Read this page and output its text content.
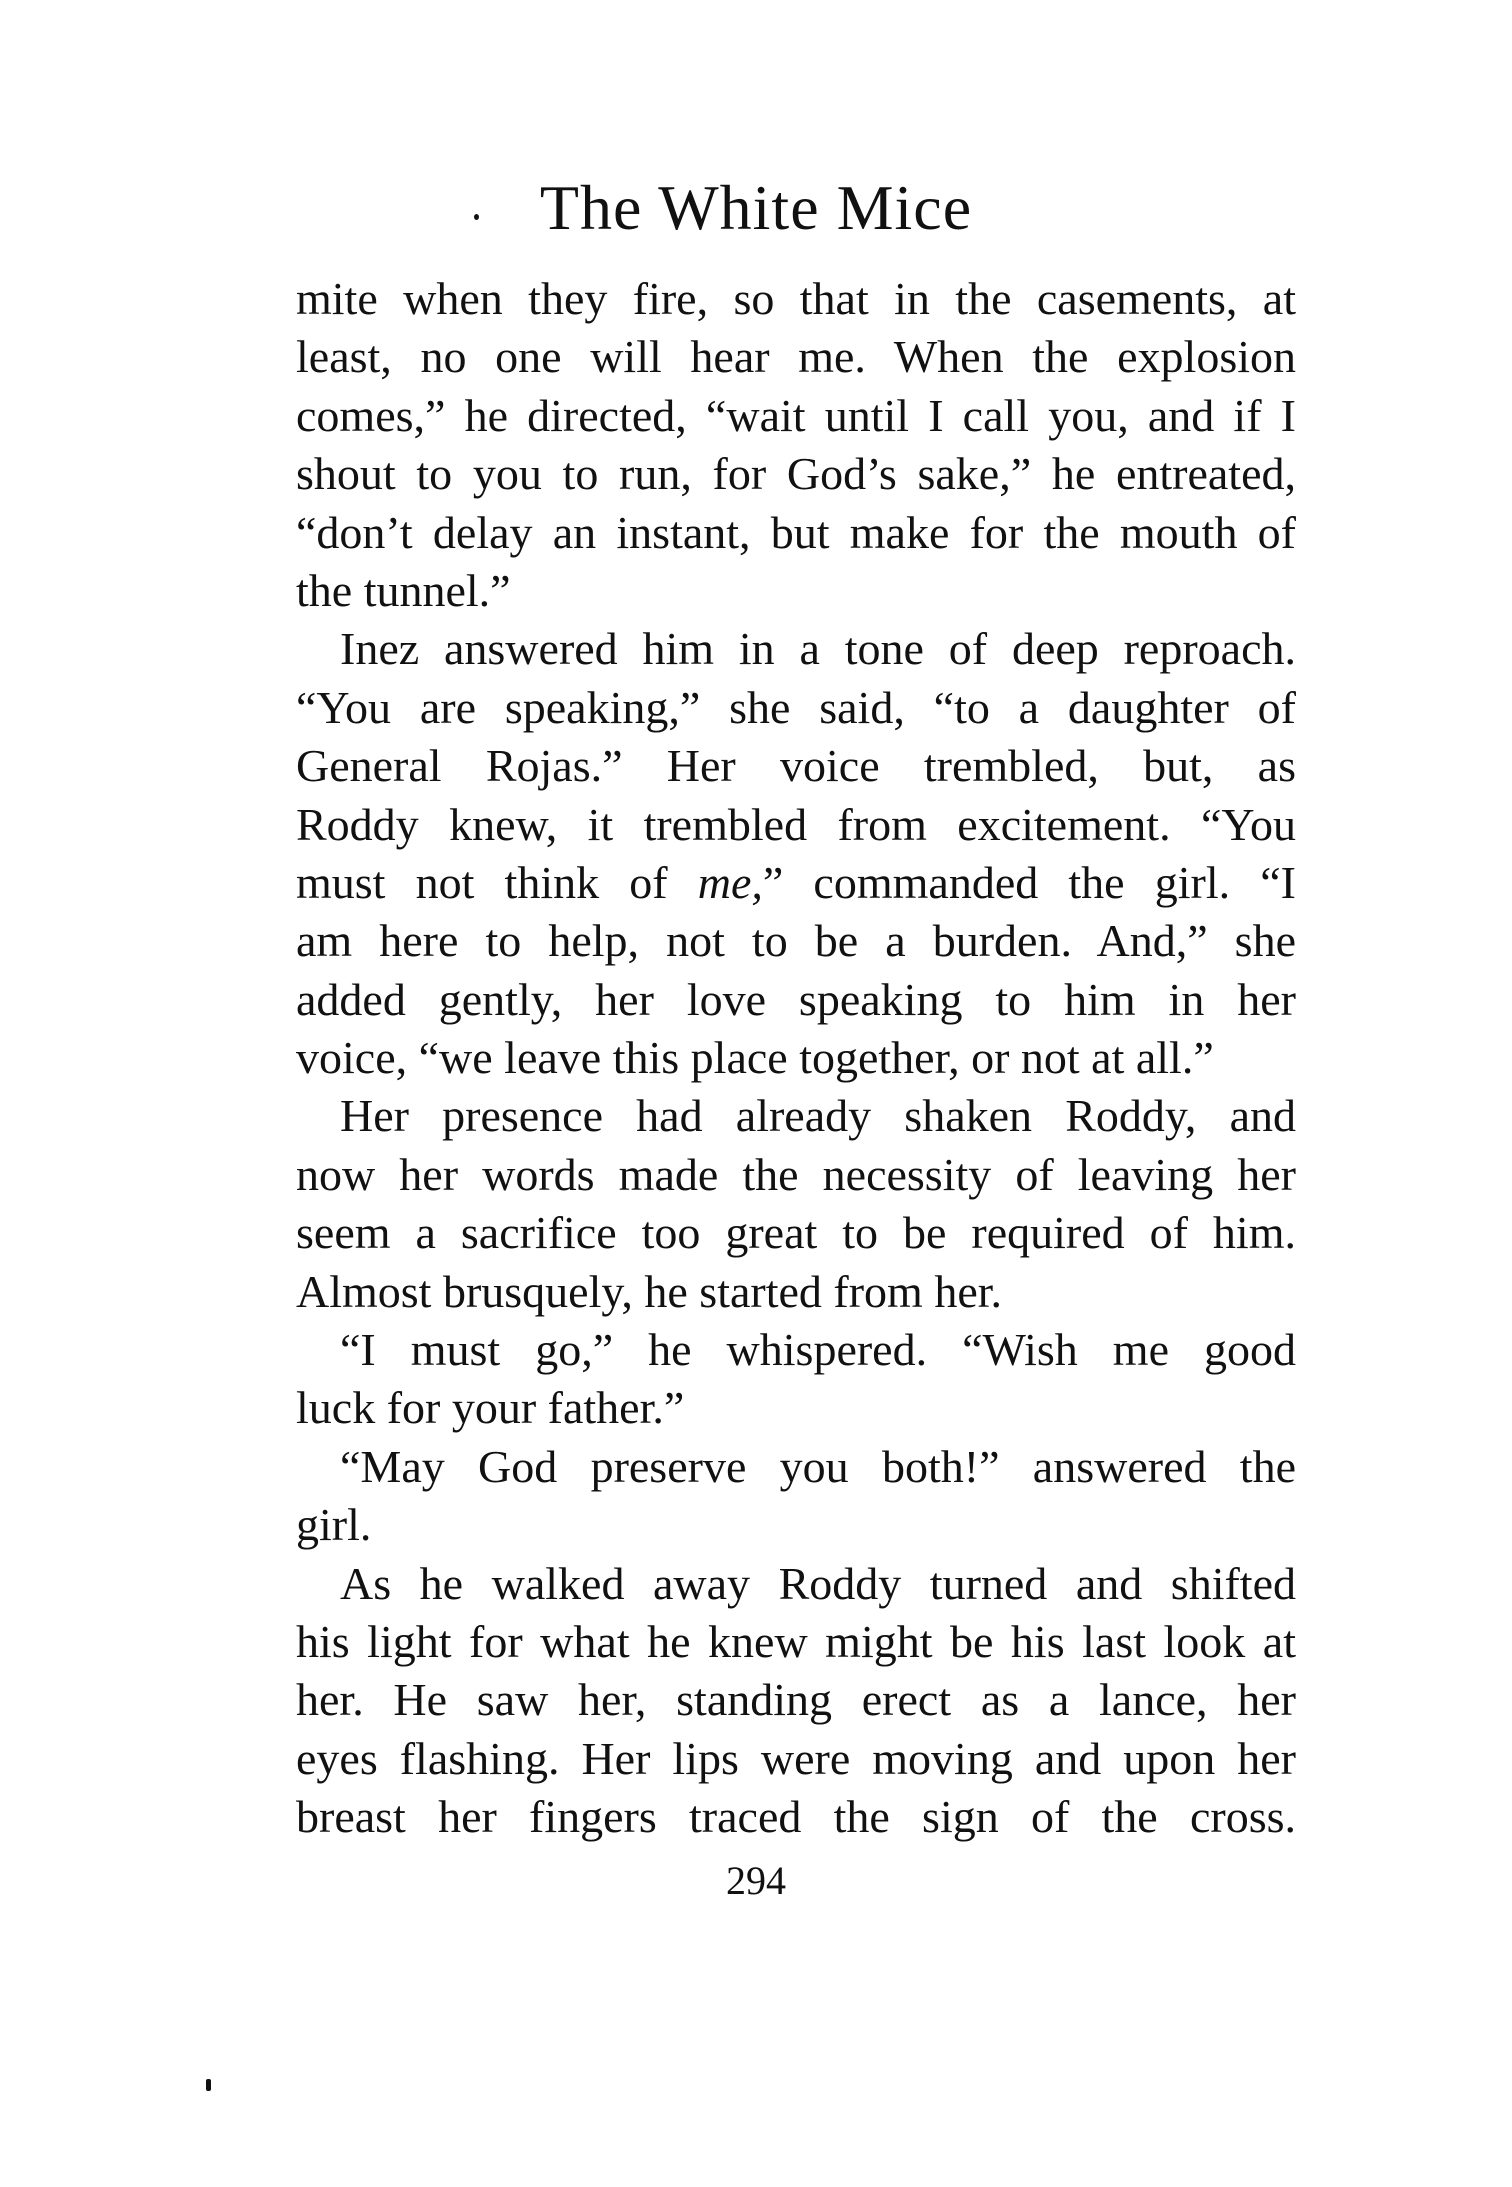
The White Mice
mite when they fire, so that in the casements, at
least, no one will hear me. When the explosion
comes,” he directed, “wait until I call you, and if I
shout to you to run, for God’s sake,” he entreated,
“don’t delay an instant, but make for the mouth of
the tunnel.”
Inez answered him in a tone of deep reproach.
“You are speaking,” she said, “to a daughter of
General Rojas.” Her voice trembled, but, as
Roddy knew, it trembled from excitement. “You
must not think of me,” commanded the girl. “I
am here to help, not to be a burden. And,” she
added gently, her love speaking to him in her
voice, “we leave this place together, or not at all.”
Her presence had already shaken Roddy, and
now her words made the necessity of leaving her
seem a sacrifice too great to be required of him.
Almost brusquely, he started from her.
“I must go,” he whispered. “Wish me good
luck for your father.”
“May God preserve you both!” answered the
girl.
As he walked away Roddy turned and shifted
his light for what he knew might be his last look at
her. He saw her, standing erect as a lance, her
eyes flashing. Her lips were moving and upon her
breast her fingers traced the sign of the cross.
294
